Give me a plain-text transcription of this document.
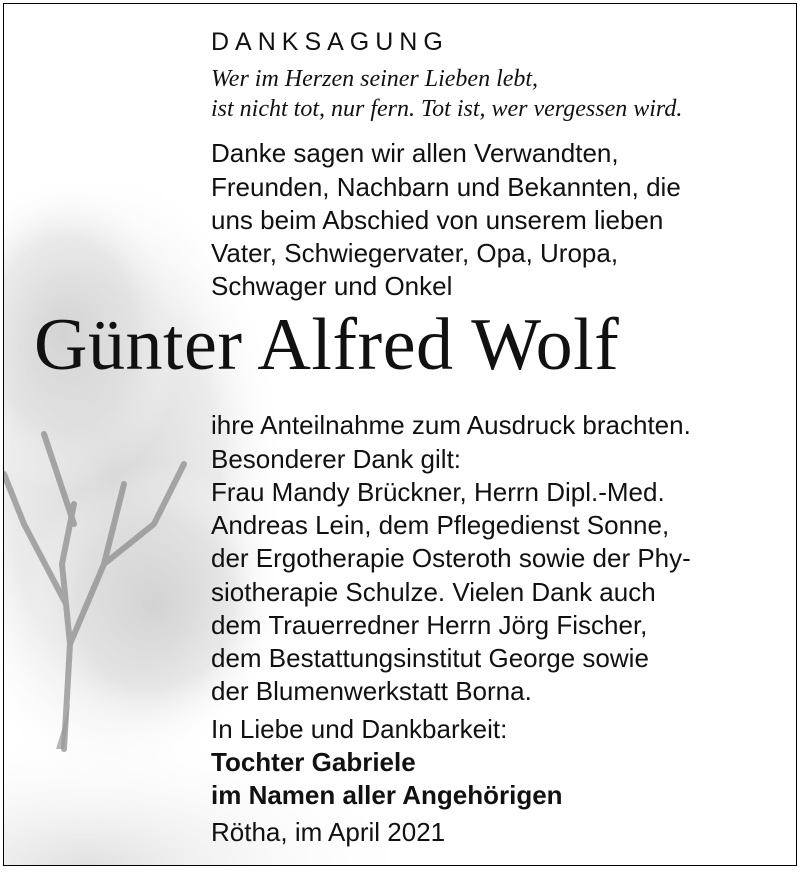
DANKSAGUNG
Wer im Herzen seiner Lieben lebt,
ist nicht tot, nur fern. Tot ist, wer vergessen wird.
Danke sagen wir allen Verwandten,
Freunden, Nachbarn und Bekannten, die
uns beim Abschied von unserem lieben
Vater, Schwiegervater, Opa, Uropa,
Schwager und Onkel
Günter Alfred Wolf
ihre Anteilnahme zum Ausdruck brachten.
Besonderer Dank gilt:
Frau Mandy Brückner, Herrn Dipl.-Med.
Andreas Lein, dem Pflegedienst Sonne,
der Ergotherapie Osteroth sowie der Phy-
siotherapie Schulze. Vielen Dank auch
dem Trauerredner Herrn Jörg Fischer,
dem Bestattungsinstitut George sowie
der Blumenwerkstatt Borna.
In Liebe und Dankbarkeit:
Tochter Gabriele
im Namen aller Angehörigen
Rötha, im April 2021
